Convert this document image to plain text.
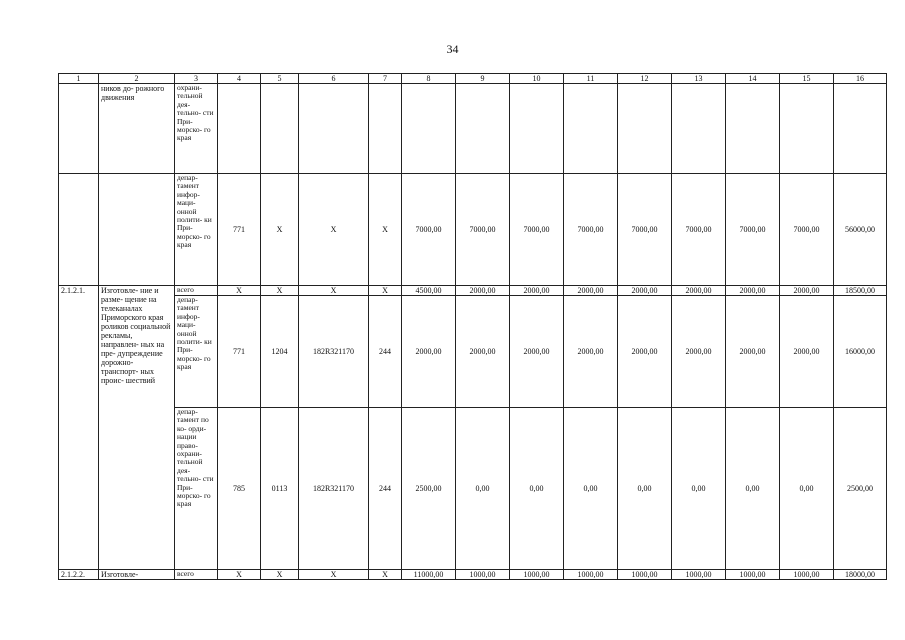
34
1	2	3	4	5	6	7	8	9	10	11	12	13	14	15	16
	ников до- рожного движения	охрани- тельной дея- тельно- сти При- морско- го края													
		депар- тамент инфор- маци- онной полити- ки При- морско- го края	771	X	X	X	7000,00	7000,00	7000,00	7000,00	7000,00	7000,00	7000,00	7000,00	56000,00
2.1.2.1.	Изготовле- ние и разме- щение на телеканалах Приморского края роликов социальной рекламы, направлен- ных на пре- дупреждение дорожно- транспорт- ных проис- шествий	всего	X	X	X	X	4500,00	2000,00	2000,00	2000,00	2000,00	2000,00	2000,00	2000,00	18500,00
		депар- тамент инфор- маци- онной полити- ки При- морско- го края	771	1204	182R321170	244	2000,00	2000,00	2000,00	2000,00	2000,00	2000,00	2000,00	2000,00	16000,00
		депар- тамент по ко- орди- нации право- охрани- тельной дея- тельно- сти При- морско- го края	785	0113	182R321170	244	2500,00	0,00	0,00	0,00	0,00	0,00	0,00	0,00	2500,00
2.1.2.2.	Изготовле-	всего	X	X	X	X	11000,00	1000,00	1000,00	1000,00	1000,00	1000,00	1000,00	1000,00	18000,00
